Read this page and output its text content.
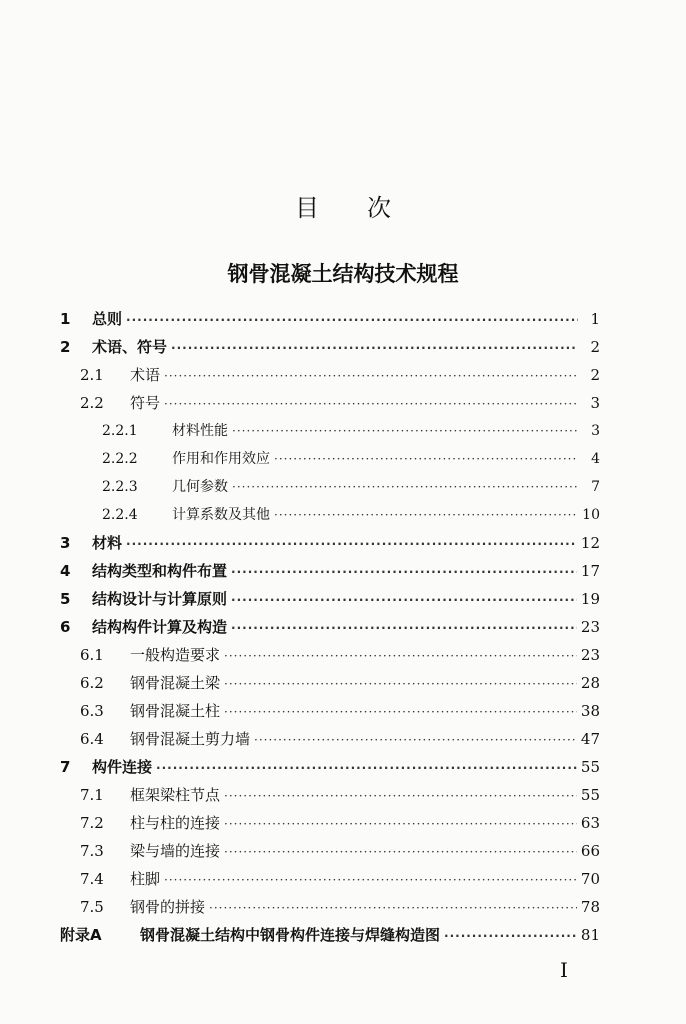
目次
钢骨混凝土结构技术规程
1	总则 ·····	1
2	术语、符号 ·····	2
2.1	术语 ·····	2
2.2	符号 ·····	3
2.2.1	材料性能 ·····	3
2.2.2	作用和作用效应 ·····	4
2.2.3	几何参数 ·····	7
2.2.4	计算系数及其他 ·····	10
3	材料 ·····	12
4	结构类型和构件布置 ·····	17
5	结构设计与计算原则 ·····	19
6	结构构件计算及构造 ·····	23
6.1	一般构造要求 ·····	23
6.2	钢骨混凝土梁 ·····	28
6.3	钢骨混凝土柱 ·····	38
6.4	钢骨混凝土剪力墙 ·····	47
7	构件连接 ·····	55
7.1	框架梁柱节点 ·····	55
7.2	柱与柱的连接 ·····	63
7.3	梁与墙的连接 ·····	66
7.4	柱脚 ·····	70
7.5	钢骨的拼接 ·····	78
附录A	钢骨混凝土结构中钢骨构件连接与焊缝构造图 ·····	81
I
